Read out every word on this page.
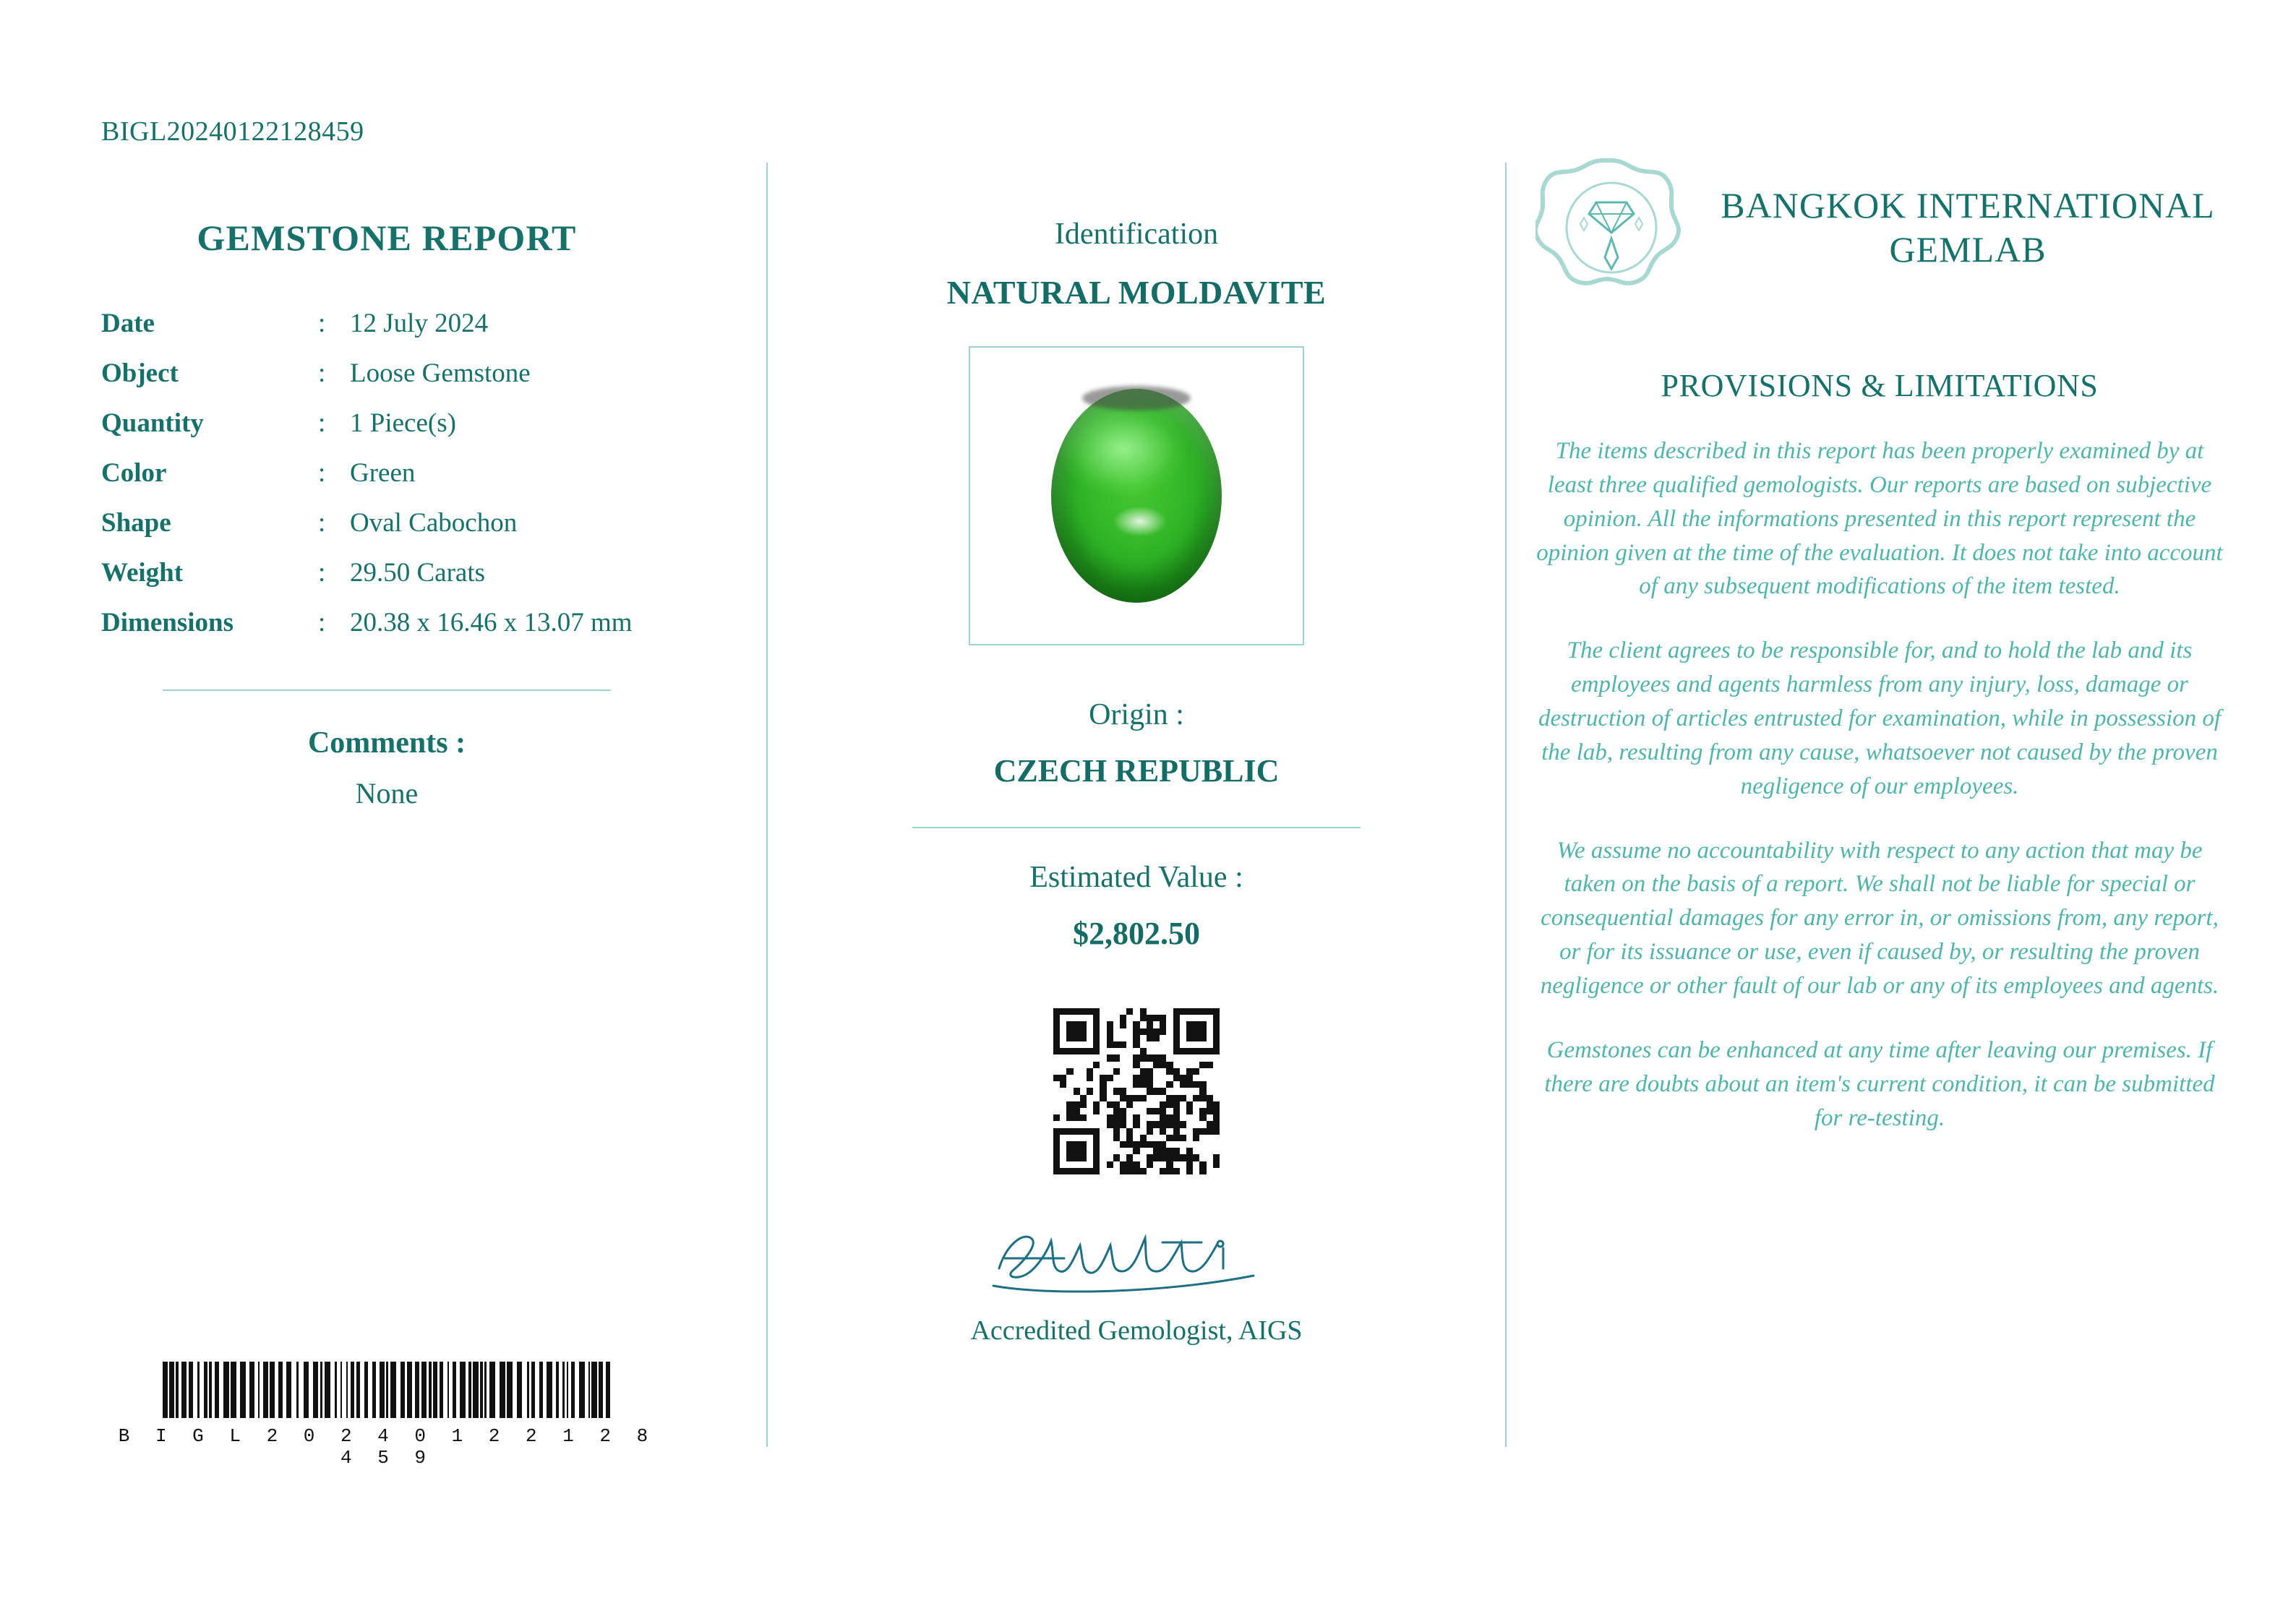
BIGL20240122128459
GEMSTONE REPORT
Date	:	12 July 2024
Object	:	Loose Gemstone
Quantity	:	1 Piece(s)
Color	:	Green
Shape	:	Oval Cabochon
Weight	:	29.50 Carats
Dimensions	:	20.38 x 16.46 x 13.07 mm
Comments :
None
B I G L 2 0 2 4 0 1 2 2 1 2 8 4 5 9
Identification
NATURAL MOLDAVITE
Origin :
CZECH REPUBLIC
Estimated Value :
$2,802.50
Accredited Gemologist, AIGS
BANGKOK INTERNATIONAL GEMLAB
PROVISIONS & LIMITATIONS
The items described in this report has been properly examined by at least three qualified gemologists. Our reports are based on subjective opinion. All the informations presented in this report represent the opinion given at the time of the evaluation. It does not take into account of any subsequent modifications of the item tested.
The client agrees to be responsible for, and to hold the lab and its employees and agents harmless from any injury, loss, damage or destruction of articles entrusted for examination, while in possession of the lab, resulting from any cause, whatsoever not caused by the proven negligence of our employees.
We assume no accountability with respect to any action that may be taken on the basis of a report. We shall not be liable for special or consequential damages for any error in, or omissions from, any report, or for its issuance or use, even if caused by, or resulting the proven negligence or other fault of our lab or any of its employees and agents.
Gemstones can be enhanced at any time after leaving our premises. If there are doubts about an item's current condition, it can be submitted for re-testing.
